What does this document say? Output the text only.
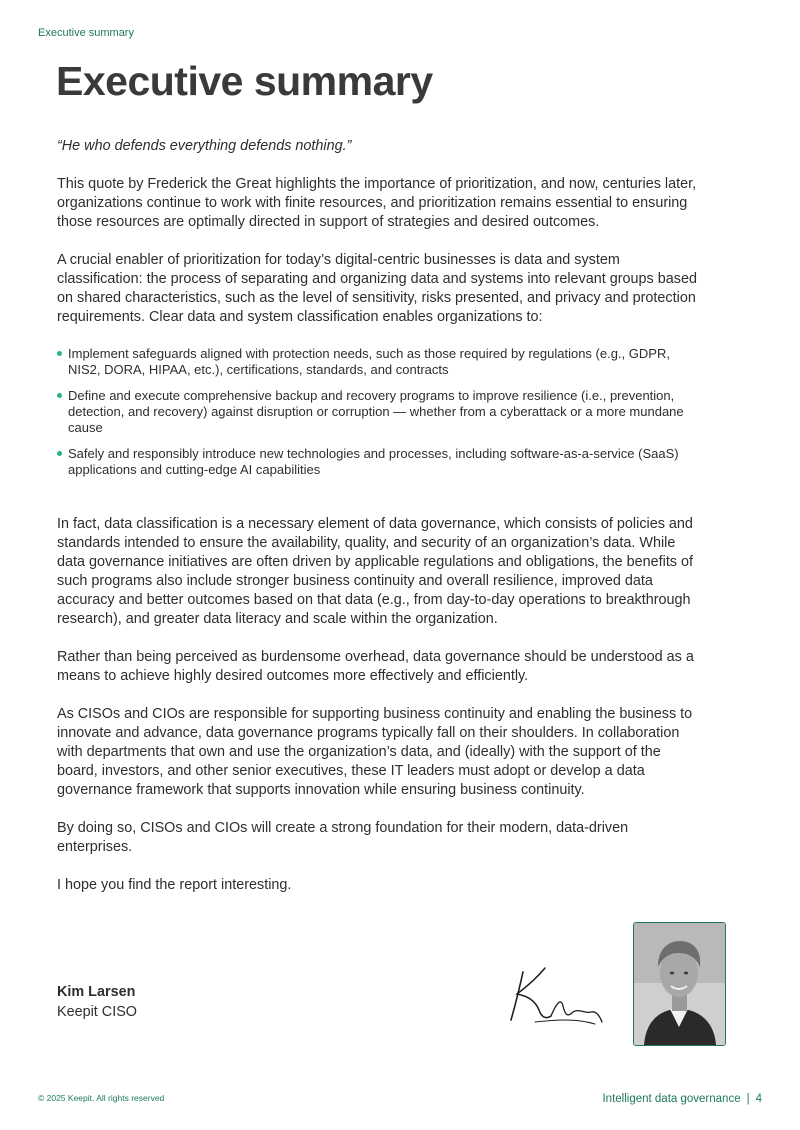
Executive summary
Executive summary

“He who defends everything defends nothing.”

This quote by Frederick the Great highlights the importance of prioritization, and now, centuries later, organizations continue to work with finite resources, and prioritization remains essential to ensuring those resources are optimally directed in support of strategies and desired outcomes.

A crucial enabler of prioritization for today’s digital-centric businesses is data and system classification: the process of separating and organizing data and systems into relevant groups based on shared characteristics, such as the level of sensitivity, risks presented, and privacy and protection requirements. Clear data and system classification enables organizations to:

Implement safeguards aligned with protection needs, such as those required by regulations (e.g., GDPR, NIS2, DORA, HIPAA, etc.), certifications, standards, and contracts
Define and execute comprehensive backup and recovery programs to improve resilience (i.e., prevention, detection, and recovery) against disruption or corruption — whether from a cyberattack or a more mundane cause
Safely and responsibly introduce new technologies and processes, including software-as-a-service (SaaS) applications and cutting-edge AI capabilities

In fact, data classification is a necessary element of data governance, which consists of policies and standards intended to ensure the availability, quality, and security of an organization’s data. While data governance initiatives are often driven by applicable regulations and obligations, the benefits of such programs also include stronger business continuity and overall resilience, improved data accuracy and better outcomes based on that data (e.g., from day-to-day operations to breakthrough research), and greater data literacy and scale within the organization.

Rather than being perceived as burdensome overhead, data governance should be understood as a means to achieve highly desired outcomes more effectively and efficiently.

As CISOs and CIOs are responsible for supporting business continuity and enabling the business to innovate and advance, data governance programs typically fall on their shoulders. In collaboration with departments that own and use the organization’s data, and (ideally) with the support of the board, investors, and other senior executives, these IT leaders must adopt or develop a data governance framework that supports innovation while ensuring business continuity.

By doing so, CISOs and CIOs will create a strong foundation for their modern, data-driven enterprises.

I hope you find the report interesting.

Kim Larsen
Keepit CISO
© 2025 Keepit. All rights reserved	Intelligent data governance | 4
